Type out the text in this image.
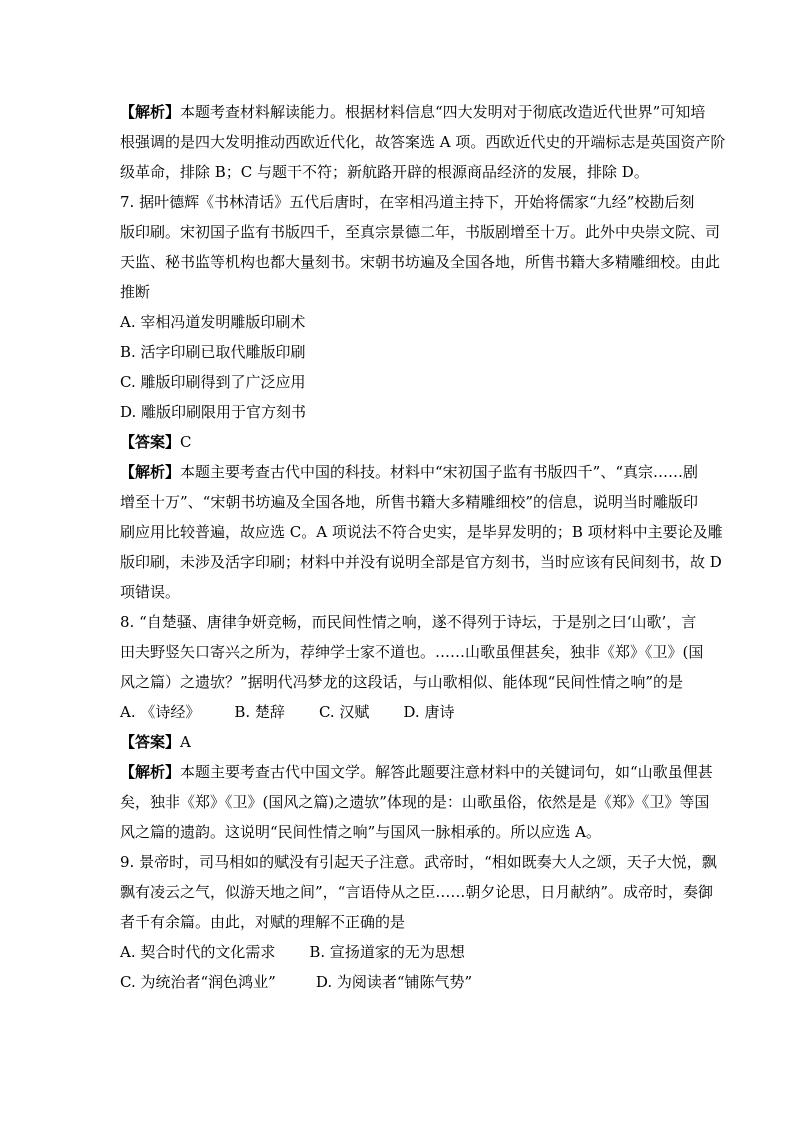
【解析】本题考查材料解读能力。根据材料信息“四大发明对于彻底改造近代世界”可知培
根强调的是四大发明推动西欧近代化，故答案选 A 项。西欧近代史的开端标志是英国资产阶
级革命，排除 B；C 与题干不符；新航路开辟的根源商品经济的发展，排除 D。
7. 据叶德辉《书林清话》五代后唐时，在宰相冯道主持下，开始将儒家“九经”校勘后刻
版印刷。宋初国子监有书版四千，至真宗景德二年，书版剧增至十万。此外中央崇文院、司
天监、秘书监等机构也都大量刻书。宋朝书坊遍及全国各地，所售书籍大多精雕细校。由此
推断
A. 宰相冯道发明雕版印刷术
B. 活字印刷已取代雕版印刷
C. 雕版印刷得到了广泛应用
D. 雕版印刷限用于官方刻书
【答案】C
【解析】本题主要考查古代中国的科技。材料中“宋初国子监有书版四千”、“真宗……剧
增至十万”、“宋朝书坊遍及全国各地，所售书籍大多精雕细校”的信息，说明当时雕版印
刷应用比较普遍，故应选 C。A 项说法不符合史实，是毕昇发明的；B 项材料中主要论及雕
版印刷，未涉及活字印刷；材料中并没有说明全部是官方刻书，当时应该有民间刻书，故 D
项错误。
8. “自楚骚、唐律争妍竞畅，而民间性情之响，遂不得列于诗坛，于是别之曰‘山歌’，言
田夫野竖矢口寄兴之所为，荐绅学士家不道也。……山歌虽俚甚矣，独非《郑》《卫》(国
风之篇）之遗欤？”据明代冯梦龙的这段话，与山歌相似、能体现“民间性情之响”的是
A. 《诗经》 B. 楚辞 C. 汉赋 D. 唐诗
【答案】A
【解析】本题主要考查古代中国文学。解答此题要注意材料中的关键词句，如“山歌虽俚甚
矣，独非《郑》《卫》(国风之篇)之遗欤”体现的是：山歌虽俗，依然是是《郑》《卫》等国
风之篇的遗韵。这说明“民间性情之响”与国风一脉相承的。所以应选 A。
9. 景帝时，司马相如的赋没有引起天子注意。武帝时，“相如既奏大人之颂，天子大悦，飘
飘有凌云之气，似游天地之间”，“言语侍从之臣……朝夕论思，日月献纳”。成帝时，奏御
者千有余篇。由此，对赋的理解不正确的是
A. 契合时代的文化需求 B. 宣扬道家的无为思想
C. 为统治者“润色鸿业”	D. 为阅读者“铺陈气势”
